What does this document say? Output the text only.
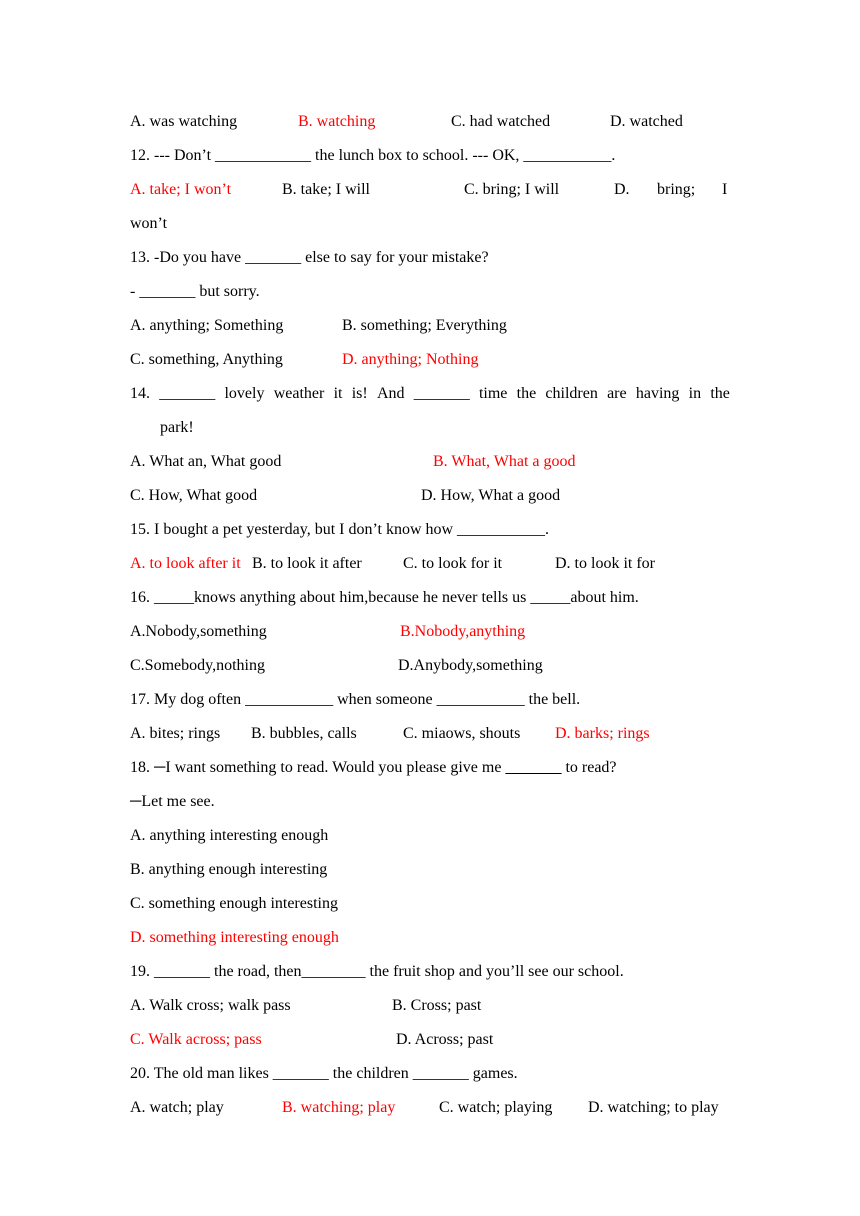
A. was watching	B. watching	C. had watched	D. watched
12. --- Don’t ____________ the lunch box to school. --- OK, ___________.
A. take; I won’t	B. take; I will	C. bring; I will	D. bring; I
won’t
13. -Do you have _______ else to say for your mistake?
- _______ but sorry.
A. anything; Something	B. something; Everything
C. something, Anything	D. anything; Nothing
14. _______ lovely weather it is! And _______ time the children are having in the
park!
A. What an, What good	B. What, What a good
C. How, What good	D. How, What a good
15. I bought a pet yesterday, but I don’t know how ___________.
A. to look after it B. to look it after	C. to look for it	D. to look it for
16. _____knows anything about him,because he never tells us _____about him.
A.Nobody,something	B.Nobody,anything
C.Somebody,nothing	D.Anybody,something
17. My dog often ___________ when someone ___________ the bell.
A. bites; rings B. bubbles, calls	C. miaows, shouts D. barks; rings
18. ─I want something to read. Would you please give me _______ to read?
─Let me see.
A. anything interesting enough
B. anything enough interesting
C. something enough interesting
D. something interesting enough
19. _______ the road, then________ the fruit shop and you’ll see our school.
A. Walk cross; walk pass	B. Cross; past
C. Walk across; pass	D. Across; past
20. The old man likes _______ the children _______ games.
A. watch; play	B. watching; play	C. watch; playing D. watching; to play
